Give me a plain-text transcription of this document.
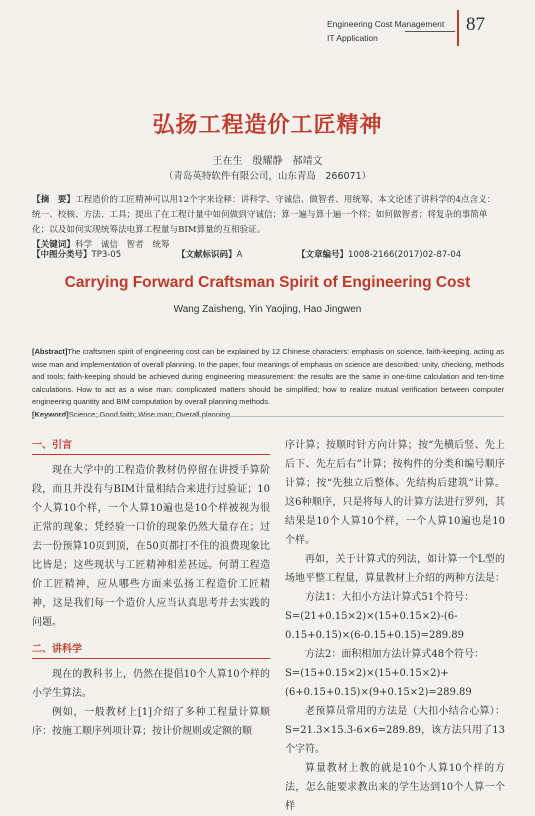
Engineering Cost Management
IT Application
87
弘扬工程造价工匠精神
王在生　殷耀静　郝靖文
（青岛英特软件有限公司，山东青岛　266071）
【摘　要】工程造价的工匠精神可以用12个字来诠释：讲科学、守诚信、做智者、用统筹。本文论述了讲科学的4点含义：统一、校核、方法、工具；提出了在工程计量中如何做到守诚信；算一遍与算十遍一个样；如何做智者；将复杂的事简单化；以及如何实现统筹法电算工程量与BIM算量的互相验证。
【关键词】科学　诚信　智者　统筹
【中图分类号】TP3-05	【文献标识码】A	【文章编号】1008-2166(2017)02-87-04
Carrying Forward Craftsman Spirit of Engineering Cost
Wang Zaisheng, Yin Yaojing, Hao Jingwen
[Abstract]The craftsmen spirit of engineering cost can be explained by 12 Chinese characters: emphasis on science, faith-keeping, acting as wise man and implementation of overall planning. In the paper, four meanings of emphasis on science are described: unity, checking, methods and tools; faith-keeping should be achieved during engineering measurement: the results are the same in one-time calculation and ten-time calculations. How to act as a wise man: complicated matters should be simplified; how to realize mutual verification between computer engineering quantity and BIM computation by overall planning methods.
[Keyword]Science; Good faith; Wise man; Overall planning
一、引言

现在大学中的工程造价教材仍停留在讲授手算阶段，而且并没有与BIM计量相结合来进行过验证；10个人算10个样，一个人算10遍也是10个样被视为很正常的现象；凭经验一口价的现象仍然大量存在；过去一份预算10页到顶，在50页都打不住的浪费现象比比皆是；这些现状与工匠精神相差甚远。何谓工程造价工匠精神，应从哪些方面来弘扬工程造价工匠精神，这是我们每一个造价人应当认真思考并去实践的问题。

二、讲科学

现在的教科书上，仍然在提倡10个人算10个样的小学生算法。

例如，一般教材上[1]介绍了多种工程量计算顺序：按施工顺序列项计算；按计价规则或定额的顺

序计算；按顺时针方向计算；按“先横后竖、先上后下、先左后右”计算；按构件的分类和编号顺序计算；按“先独立后整体、先结构后建筑”计算。这6种顺序，只是将每人的计算方法进行罗列，其结果是10个人算10个样，一个人算10遍也是10个样。

再如，关于计算式的列法，如计算一个L型的场地平整工程量，算量教材上介绍的两种方法是：

方法1：大扣小方法计算式51个符号：

S=(21+0.15×2)×(15+0.15×2)-(6-0.15+0.15)×(6-0.15+0.15)=289.89

方法2：面积相加方法计算式48个符号：

S=(15+0.15×2)×(15+0.15×2)+(6+0.15+0.15)×(9+0.15×2)=289.89

老预算员常用的方法是（大扣小结合心算）：S=21.3×15.3-6×6=289.89，该方法只用了13个字符。

算量教材上教的就是10个人算10个样的方法，怎么能要求教出来的学生达到10个人算一个样
